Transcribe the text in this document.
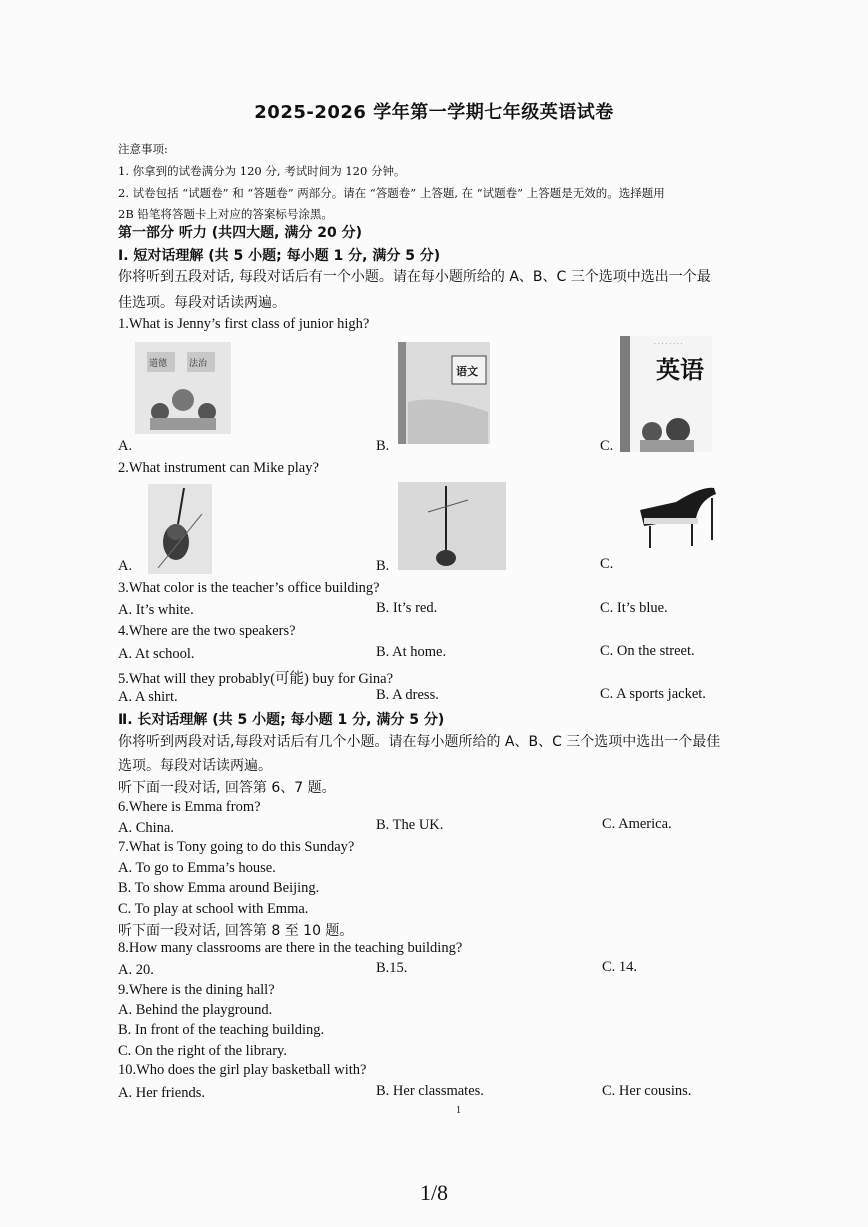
2025-2026 学年第一学期七年级英语试卷
注意事项:
1. 你拿到的试卷满分为 120 分, 考试时间为 120 分钟。
2. 试卷包括 “试题卷” 和 “答题卷” 两部分。请在 “答题卷” 上答题, 在 “试题卷” 上答题是无效的。选择题用
2B 铅笔将答题卡上对应的答案标号涂黑。
第一部分 听力 (共四大题, 满分 20 分)
Ⅰ. 短对话理解 (共 5 小题; 每小题 1 分, 满分 5 分)
你将听到五段对话, 每段对话后有一个小题。请在每小题所给的 A、B、C 三个选项中选出一个最
佳选项。每段对话读两遍。
1.What is Jenny’s first class of junior high?
道德 法治
语文
· · · · · · · ·
英语
A.	B.	C.
2.What instrument can Mike play?
A.	B.	C.
3.What color is the teacher’s office building?
A. It’s white.	B. It’s red.	C. It’s blue.
4.Where are the two speakers?
A. At school.	B. At home.	C. On the street.
5.What will they probably(可能) buy for Gina?
A. A shirt.	B. A dress.	C. A sports jacket.
Ⅱ. 长对话理解 (共 5 小题; 每小题 1 分, 满分 5 分)
你将听到两段对话,每段对话后有几个小题。请在每小题所给的 A、B、C 三个选项中选出一个最佳
选项。每段对话读两遍。
听下面一段对话, 回答第 6、7 题。
6.Where is Emma from?
A. China.	B. The UK.	C. America.
7.What is Tony going to do this Sunday?
A. To go to Emma’s house.
B. To show Emma around Beijing.
C. To play at school with Emma.
听下面一段对话, 回答第 8 至 10 题。
8.How many classrooms are there in the teaching building?
A. 20.	B.15.	C. 14.
9.Where is the dining hall?
A. Behind the playground.
B. In front of the teaching building.
C. On the right of the library.
10.Who does the girl play basketball with?
A. Her friends.	B. Her classmates.	C. Her cousins.
1
1/8
